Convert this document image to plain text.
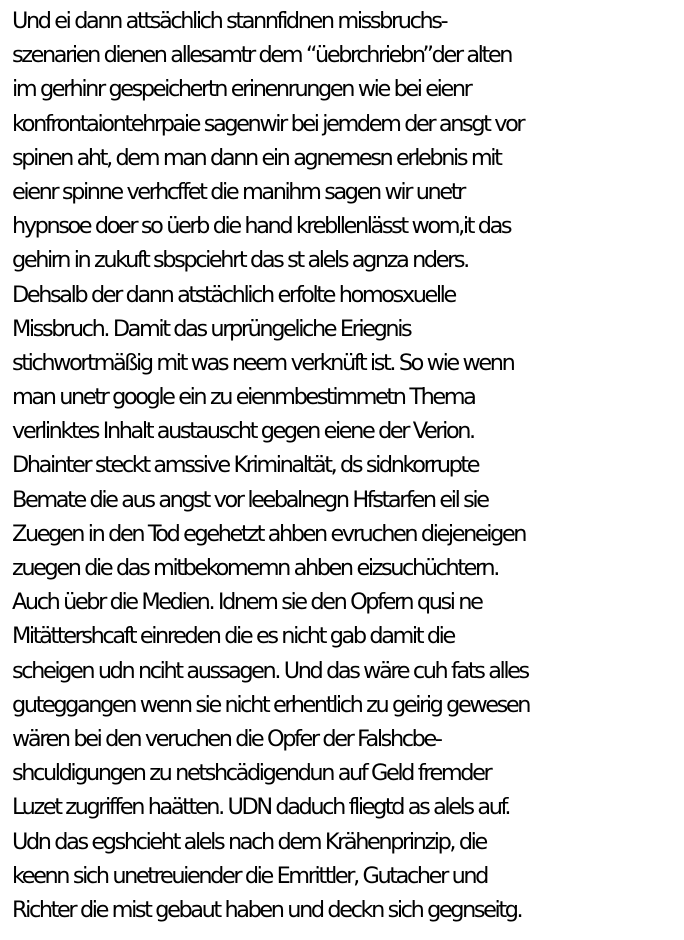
Und ei dann attsächlich stannfidnen missbruchs-
szenarien dienen allesamtr dem “üebrchriebn”der alten
im gerhinr gespeichertn erinenrungen wie bei eienr
konfrontaiontehrpaie sagenwir bei jemdem der ansgt vor
spinen aht, dem man dann ein agnemesn erlebnis mit
eienr spinne verhcffet die manihm sagen wir unetr
hypnsoe doer so üerb die hand krebllenlässt wom,it das
gehirn in zukuft sbspciehrt das st alels agnza nders.
Dehsalb der dann atstächlich erfolte homosxuelle
Missbruch. Damit das urprüngeliche Eriegnis
stichwortmäßig mit was neem verknüft ist. So wie wenn
man unetr google ein zu eienmbestimmetn Thema
verlinktes Inhalt austauscht gegen eiene der Verion.
Dhainter steckt amssive Kriminaltät, ds sidnkorrupte
Bemate die aus angst vor leebalnegn Hfstarfen eil sie
Zuegen in den Tod egehetzt ahben evruchen diejeneigen
zuegen die das mitbekomemn ahben eizsuchüchtern.
Auch üebr die Medien. Idnem sie den Opfern qusi ne
Mitättershcaft einreden die es nicht gab damit die
scheigen udn nciht aussagen. Und das wäre cuh fats alles
guteggangen wenn sie nicht erhentlich zu geirig gewesen
wären bei den veruchen die Opfer der Falshcbe-
shculdigungen zu netshcädigendun auf Geld fremder
Luzet zugriffen haätten. UDN daduch fliegtd as alels auf.
Udn das egshcieht alels nach dem Krähenprinzip, die
keenn sich unetreuiender die Emrittler, Gutacher und
Richter die mist gebaut haben und deckn sich gegnseitg.
